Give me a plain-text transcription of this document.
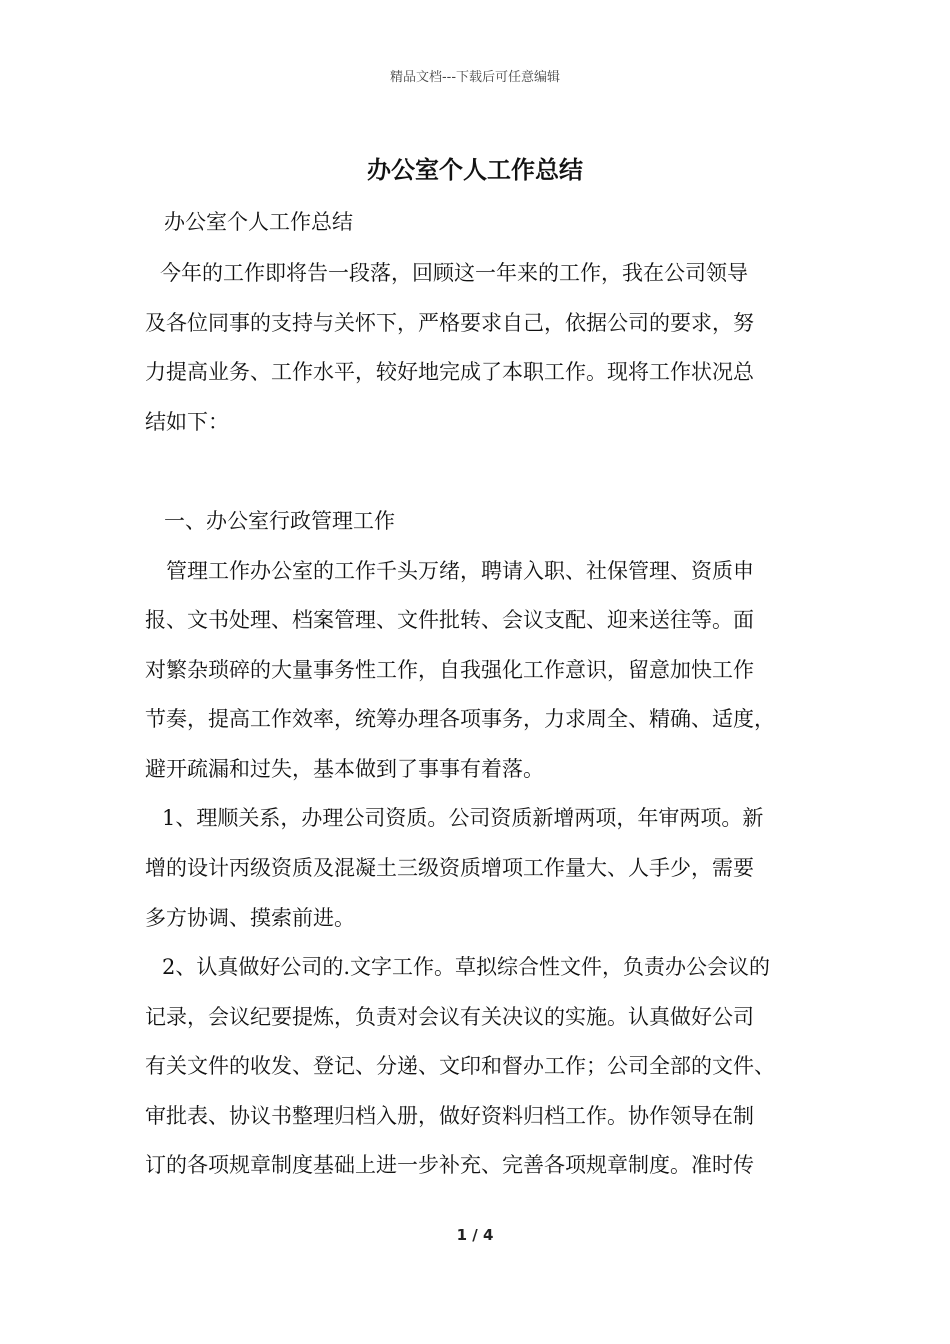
精品文档---下载后可任意编辑
办公室个人工作总结
办公室个人工作总结
今年的工作即将告一段落，回顾这一年来的工作，我在公司领导
及各位同事的支持与关怀下，严格要求自己，依据公司的要求，努
力提高业务、工作水平，较好地完成了本职工作。现将工作状况总
结如下：
一、办公室行政管理工作
管理工作办公室的工作千头万绪，聘请入职、社保管理、资质申
报、文书处理、档案管理、文件批转、会议支配、迎来送往等。面
对繁杂琐碎的大量事务性工作，自我强化工作意识，留意加快工作
节奏，提高工作效率，统筹办理各项事务，力求周全、精确、适度，
避开疏漏和过失，基本做到了事事有着落。
1、理顺关系，办理公司资质。公司资质新增两项，年审两项。新
增的设计丙级资质及混凝土三级资质增项工作量大、人手少，需要
多方协调、摸索前进。
2、认真做好公司的.文字工作。草拟综合性文件，负责办公会议的
记录，会议纪要提炼，负责对会议有关决议的实施。认真做好公司
有关文件的收发、登记、分递、文印和督办工作；公司全部的文件、
审批表、协议书整理归档入册，做好资料归档工作。协作领导在制
订的各项规章制度基础上进一步补充、完善各项规章制度。准时传
1 / 4
